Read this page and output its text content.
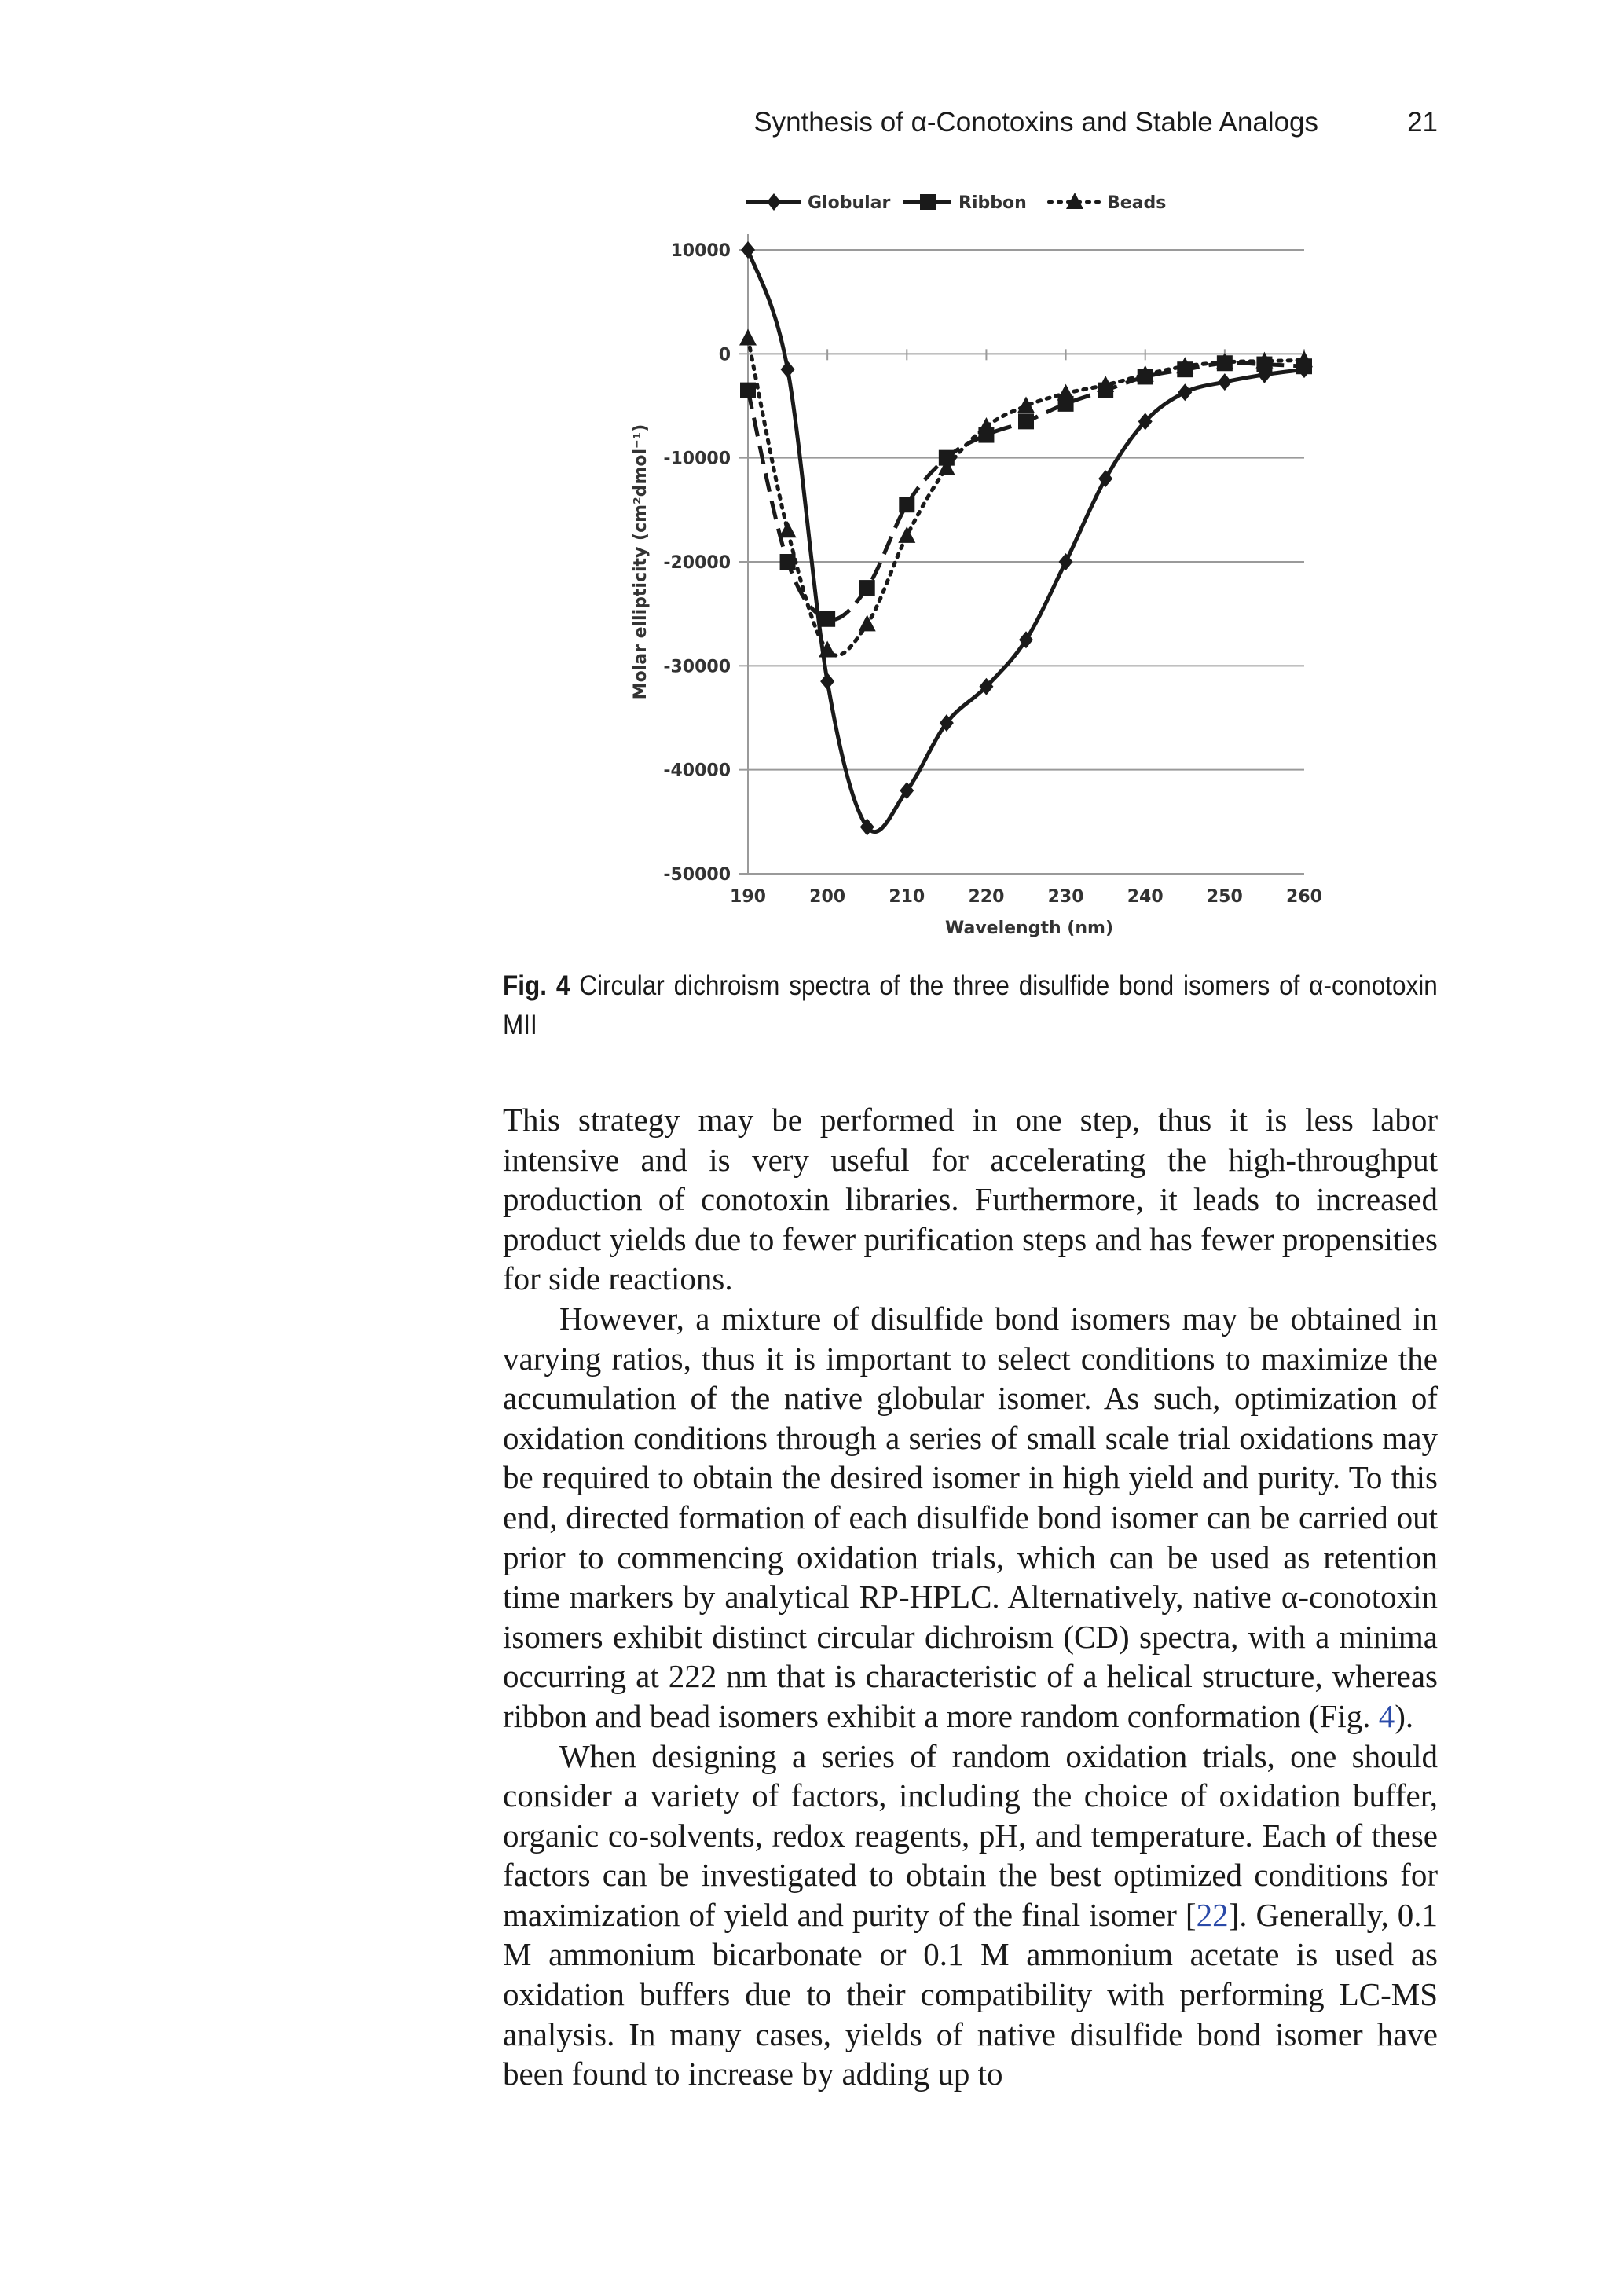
Synthesis of α-Conotoxins and Stable Analogs	21
10000
0
-10000
-20000
-30000
-40000
-50000
190	200	210	220	230	240	250	260
Wavelength (nm)
Molar ellipticity (cm²dmol⁻¹)
Globular	Ribbon	Beads
Fig. 4 Circular dichroism spectra of the three disulfide bond isomers of α-conotoxin MII

This strategy may be performed in one step, thus it is less labor intensive and is very useful for accelerating the high-throughput production of conotoxin libraries. Furthermore, it leads to increased product yields due to fewer purification steps and has fewer propensities for side reactions.

However, a mixture of disulfide bond isomers may be obtained in varying ratios, thus it is important to select conditions to maximize the accumulation of the native globular isomer. As such, optimization of oxidation conditions through a series of small scale trial oxidations may be required to obtain the desired isomer in high yield and purity. To this end, directed formation of each disulfide bond isomer can be carried out prior to commencing oxidation trials, which can be used as retention time markers by analytical RP-HPLC. Alternatively, native α-conotoxin isomers exhibit distinct circular dichroism (CD) spectra, with a minima occurring at 222 nm that is characteristic of a helical structure, whereas ribbon and bead isomers exhibit a more random conformation (Fig. 4).

When designing a series of random oxidation trials, one should consider a variety of factors, including the choice of oxidation buffer, organic co-solvents, redox reagents, pH, and temperature. Each of these factors can be investigated to obtain the best optimized conditions for maximization of yield and purity of the final isomer [22]. Generally, 0.1 M ammonium bicarbonate or 0.1 M ammonium acetate is used as oxidation buffers due to their compatibility with performing LC-MS analysis. In many cases, yields of native disulfide bond isomer have been found to increase by adding up to
